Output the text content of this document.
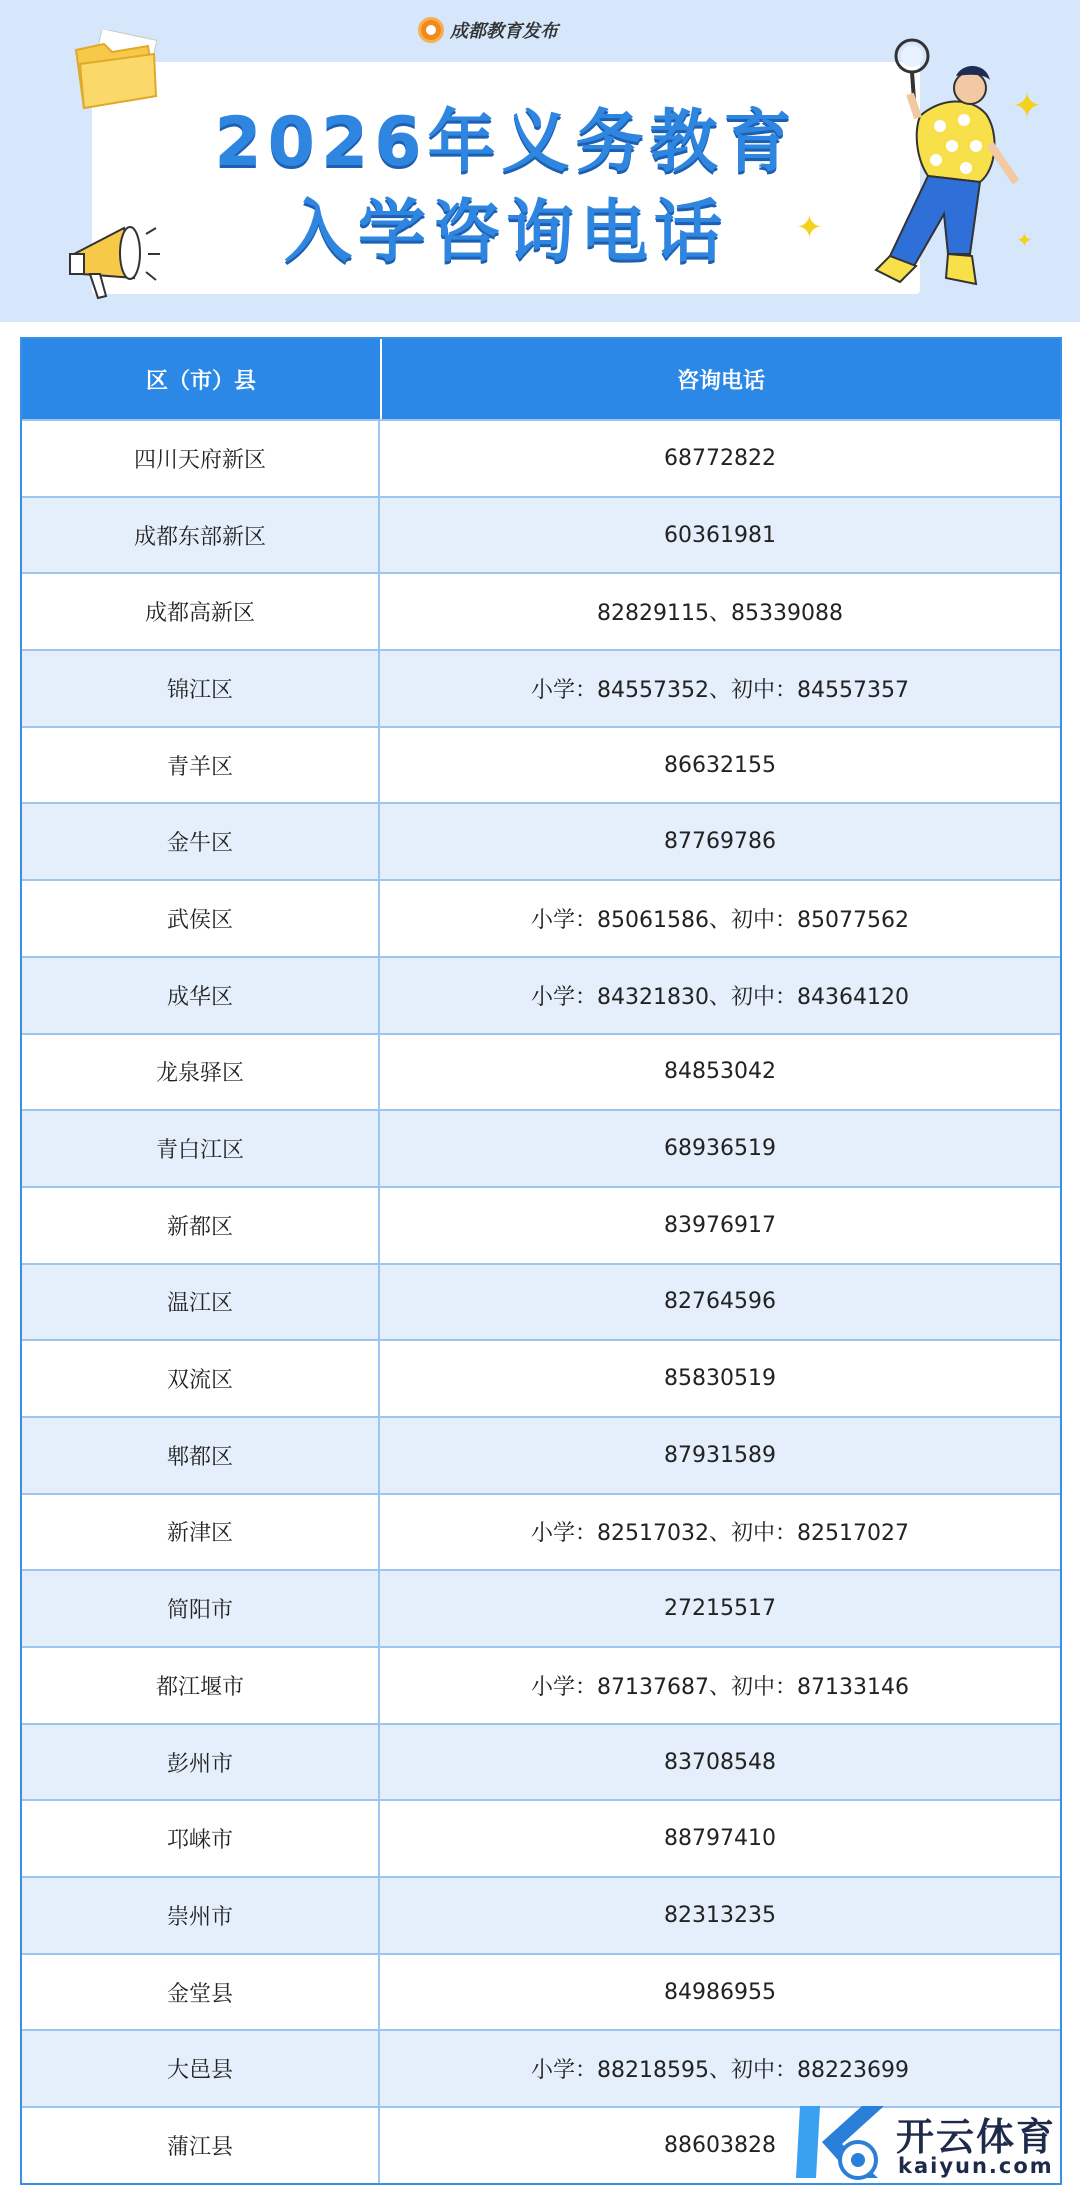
成都教育发布
2026年义务教育
入学咨询电话
✦
✦	✦
区（市）县	咨询电话
四川天府新区	68772822
成都东部新区	60361981
成都高新区	82829115、85339088
锦江区	小学：84557352、初中：84557357
青羊区	86632155
金牛区	87769786
武侯区	小学：85061586、初中：85077562
成华区	小学：84321830、初中：84364120
龙泉驿区	84853042
青白江区	68936519
新都区	83976917
温江区	82764596
双流区	85830519
郫都区	87931589
新津区	小学：82517032、初中：82517027
简阳市	27215517
都江堰市	小学：87137687、初中：87133146
彭州市	83708548
邛崃市	88797410
崇州市	82313235
金堂县	84986955
大邑县	小学：88218595、初中：88223699
蒲江县	88603828	开云体育
kaiyun.com
